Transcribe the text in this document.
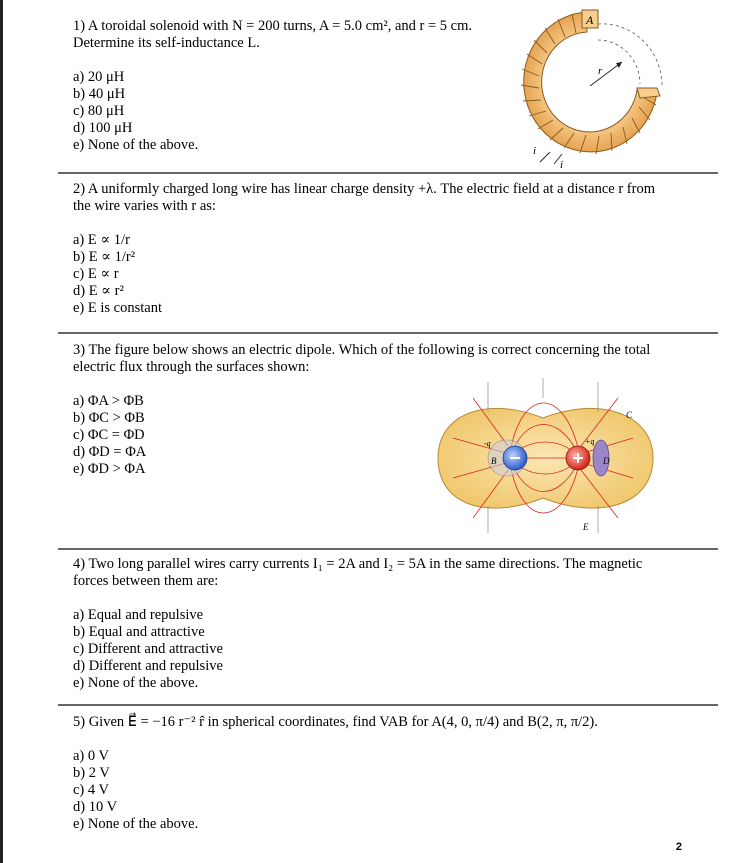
1) A toroidal solenoid with N = 200 turns, A = 5.0 cm², and r = 5 cm.
Determine its self-inductance L.
a) 20 μH
b) 40 μH
c) 80 μH
d) 100 μH
e) None of the above.
A
r
i
i
2) A uniformly charged long wire has linear charge density +λ. The electric field at a distance r from
the wire varies with r as:
a) E ∝ 1/r
b) E ∝ 1/r²
c) E ∝ r
d) E ∝ r²
e) E is constant
3) The figure below shows an electric dipole. Which of the following is correct concerning the total
electric flux through the surfaces shown:
a) ΦA > ΦB
b) ΦC > ΦB
c) ΦC = ΦD
d) ΦD = ΦA
e) ΦD > ΦA	B
C
D
-q	+q
E
4) Two long parallel wires carry currents I₁ = 2A and I₂ = 5A in the same directions. The magnetic
forces between them are:
a) Equal and repulsive
b) Equal and attractive
c) Different and attractive
d) Different and repulsive
e) None of the above.
5) Given E⃗ = −16 r⁻² r̂ in spherical coordinates, find VAB for A(4, 0, π/4) and B(2, π, π/2).
a) 0 V
b) 2 V
c) 4 V
d) 10 V
e) None of the above.
2
